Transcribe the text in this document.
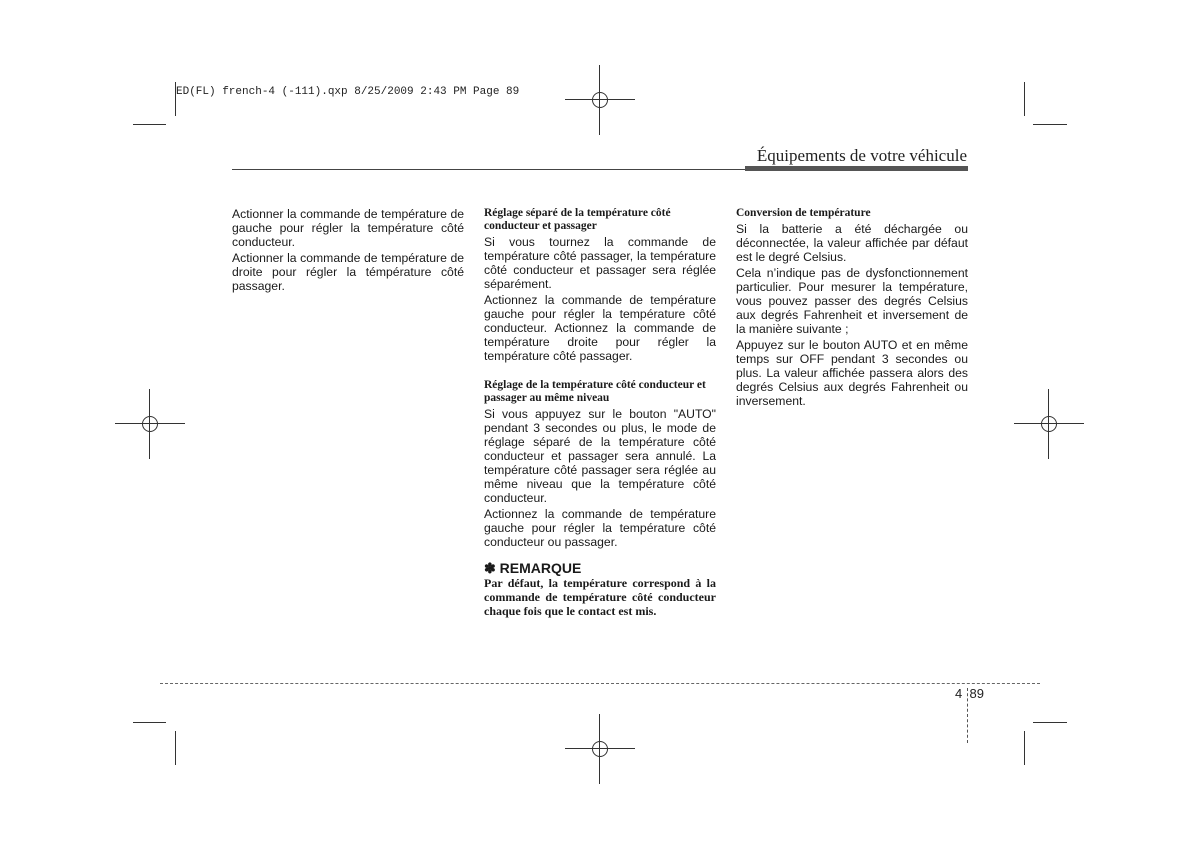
ED(FL) french-4 (-111).qxp 8/25/2009 2:43 PM Page 89
Équipements de votre véhicule

Actionner la commande de température de gauche pour régler la température côté conducteur.

Actionner la commande de température de droite pour régler la témpérature côté passager.

Réglage séparé de la température côté conducteur et passager

Si vous tournez la commande de température côté passager, la température côté conducteur et passager sera réglée séparément.

Actionnez la commande de température gauche pour régler la température côté conducteur. Actionnez la commande de température droite pour régler la température côté passager.

Réglage de la température côté conducteur et passager au même niveau

Si vous appuyez sur le bouton "AUTO" pendant 3 secondes ou plus, le mode de réglage séparé de la température côté conducteur et passager sera annulé. La température côté passager sera réglée au même niveau que la température côté conducteur.

Actionnez la commande de température gauche pour régler la température côté conducteur ou passager.

✽ REMARQUE

Par défaut, la température correspond à la commande de température côté conducteur chaque fois que le contact est mis.

Conversion de température

Si la batterie a été déchargée ou déconnectée, la valeur affichée par défaut est le degré Celsius.

Cela n’indique pas de dysfonctionnement particulier. Pour mesurer la température, vous pouvez passer des degrés Celsius aux degrés Fahrenheit et inversement de la manière suivante ;

Appuyez sur le bouton AUTO et en même temps sur OFF pendant 3 secondes ou plus. La valeur affichée passera alors des degrés Celsius aux degrés Fahrenheit ou inversement.

4 89
